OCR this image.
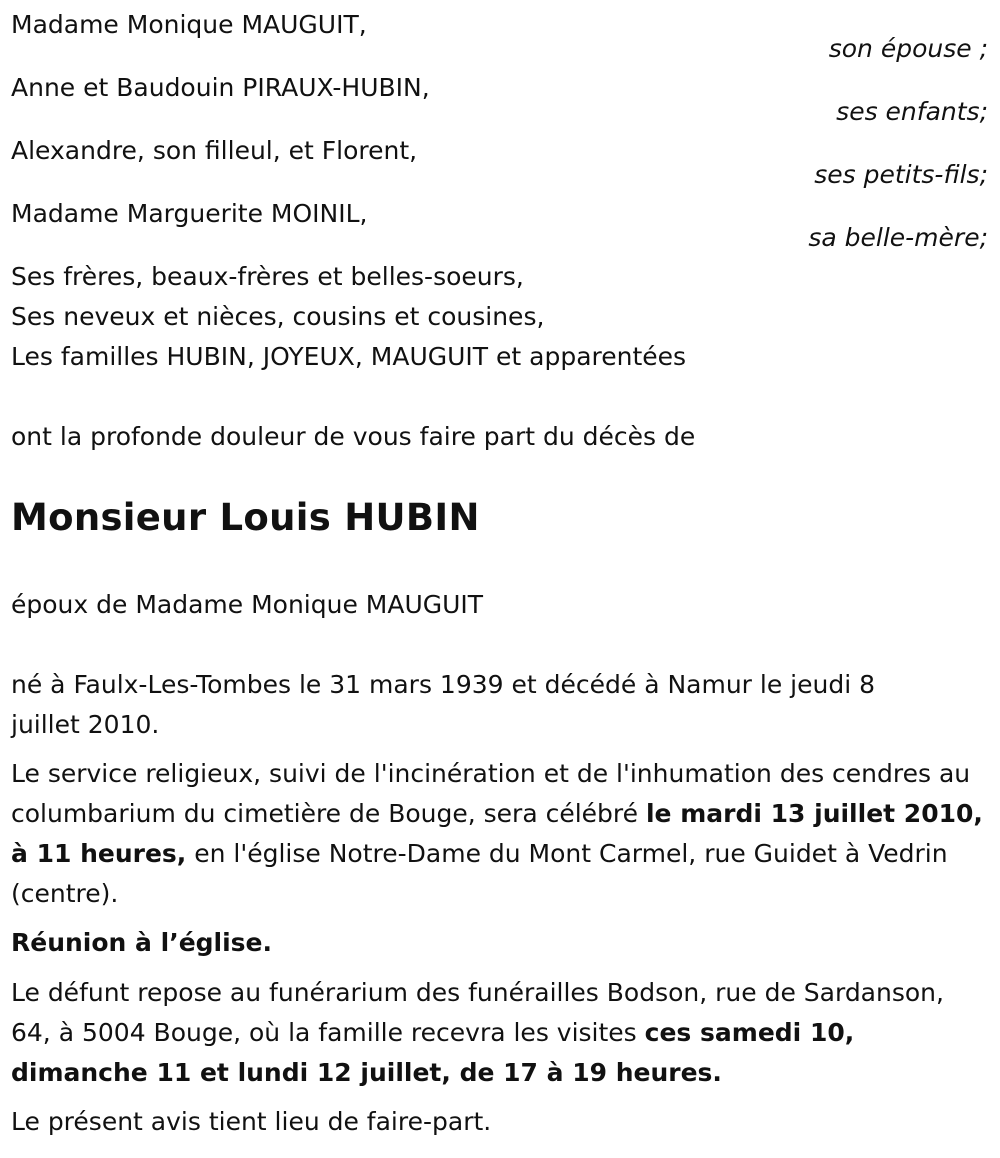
Madame Monique MAUGUIT,
son épouse ;
Anne et Baudouin PIRAUX-HUBIN,
ses enfants;
Alexandre, son filleul, et Florent,
ses petits-fils;
Madame Marguerite MOINIL,
sa belle-mère;
Ses frères, beaux-frères et belles-soeurs,
Ses neveux et nièces, cousins et cousines,
Les familles HUBIN, JOYEUX, MAUGUIT et apparentées
ont la profonde douleur de vous faire part du décès de
Monsieur Louis HUBIN
époux de Madame Monique MAUGUIT
né à Faulx-Les-Tombes le 31 mars 1939 et décédé à Namur le jeudi 8 juillet 2010.
Le service religieux, suivi de l'incinération et de l'inhumation des cendres au columbarium du cimetière de Bouge, sera célébré le mardi 13 juillet 2010, à 11 heures, en l'église Notre-Dame du Mont Carmel, rue Guidet à Vedrin (centre).
Réunion à l’église.
Le défunt repose au funérarium des funérailles Bodson, rue de Sardanson, 64, à 5004 Bouge, où la famille recevra les visites ces samedi 10, dimanche 11 et lundi 12 juillet, de 17 à 19 heures.
Le présent avis tient lieu de faire-part.
